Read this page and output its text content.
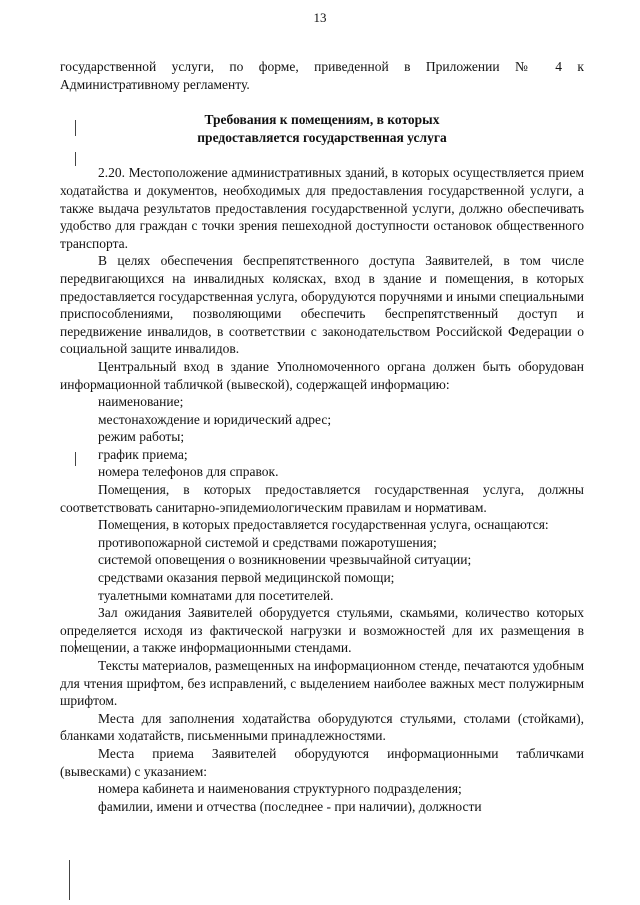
13

государственной услуги, по форме, приведенной в Приложении № 4 к Административному регламенту.

Требования к помещениям, в которых

предоставляется государственная услуга

2.20. Местоположение административных зданий, в которых осуществляется прием ходатайства и документов, необходимых для предоставления государственной услуги, а также выдача результатов предоставления государственной услуги, должно обеспечивать удобство для граждан с точки зрения пешеходной доступности остановок общественного транспорта.

В целях обеспечения беспрепятственного доступа Заявителей, в том числе передвигающихся на инвалидных колясках, вход в здание и помещения, в которых предоставляется государственная услуга, оборудуются поручнями и иными специальными приспособлениями, позволяющими обеспечить беспрепятственный доступ и передвижение инвалидов, в соответствии с законодательством Российской Федерации о социальной защите инвалидов.

Центральный вход в здание Уполномоченного органа должен быть оборудован информационной табличкой (вывеской), содержащей информацию:

наименование;

местонахождение и юридический адрес;

режим работы;

график приема;

номера телефонов для справок.

Помещения, в которых предоставляется государственная услуга, должны соответствовать санитарно-эпидемиологическим правилам и нормативам.

Помещения, в которых предоставляется государственная услуга, оснащаются:

противопожарной системой и средствами пожаротушения;

системой оповещения о возникновении чрезвычайной ситуации;

средствами оказания первой медицинской помощи;

туалетными комнатами для посетителей.

Зал ожидания Заявителей оборудуется стульями, скамьями, количество которых определяется исходя из фактической нагрузки и возможностей для их размещения в помещении, а также информационными стендами.

Тексты материалов, размещенных на информационном стенде, печатаются удобным для чтения шрифтом, без исправлений, с выделением наиболее важных мест полужирным шрифтом.

Места для заполнения ходатайства оборудуются стульями, столами (стойками), бланками ходатайств, письменными принадлежностями.

Места приема Заявителей оборудуются информационными табличками (вывесками) с указанием:

номера кабинета и наименования структурного подразделения;

фамилии, имени и отчества (последнее - при наличии), должности
